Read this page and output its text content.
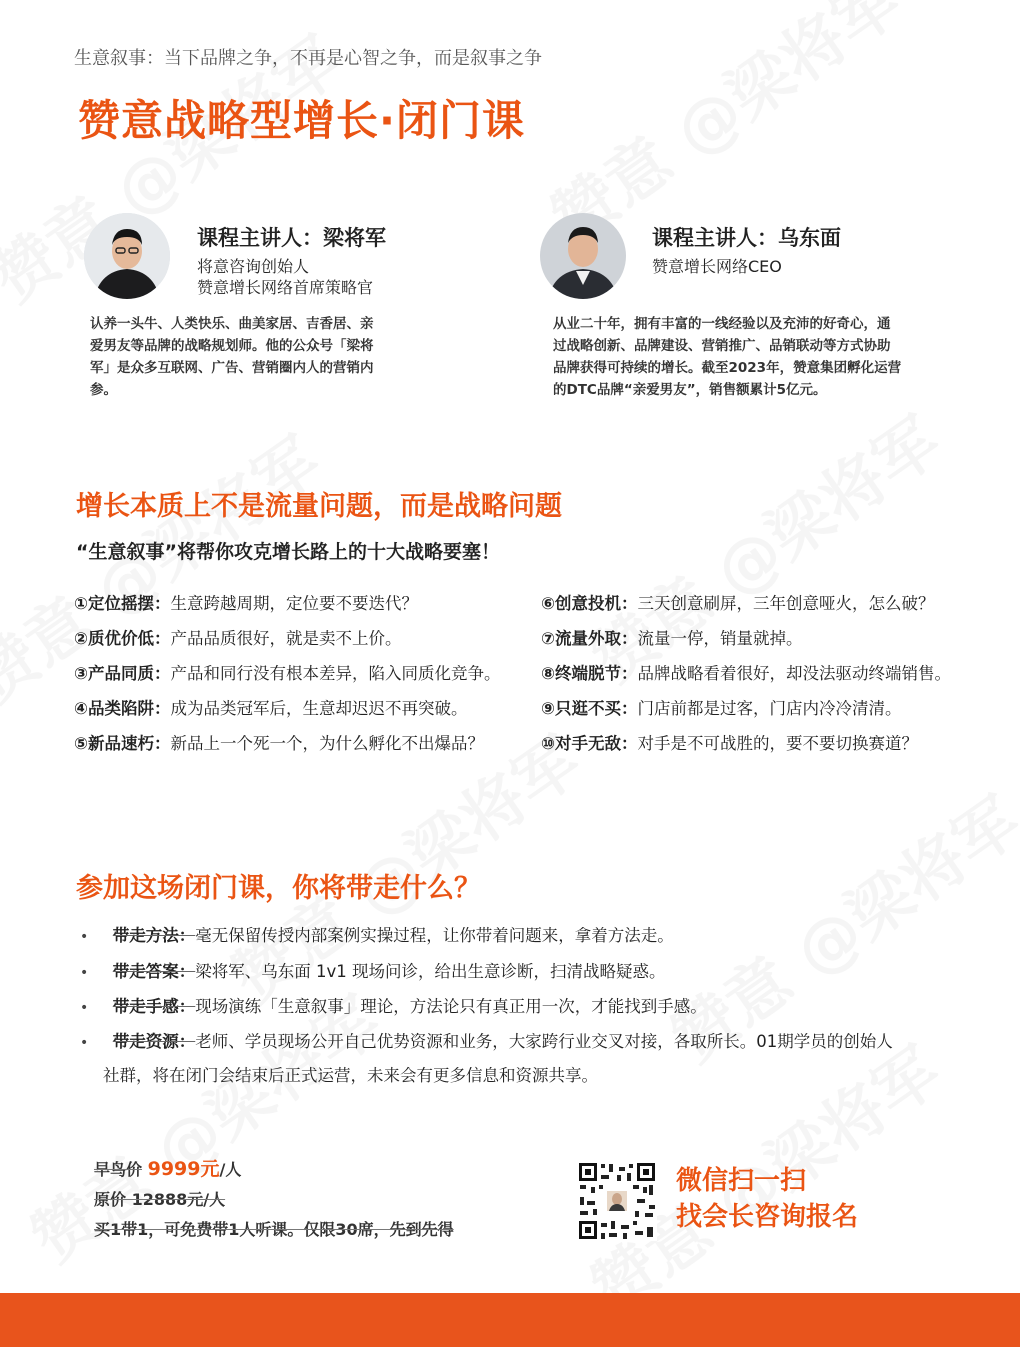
生意叙事：当下品牌之争，不再是心智之争，而是叙事之争
赞意战略型增长·闭门课
课程主讲人：梁将军
将意咨询创始人
赞意增长网络首席策略官
认养一头牛、人类快乐、曲美家居、吉香居、亲
爱男友等品牌的战略规划师。他的公众号「梁将
军」是众多互联网、广告、营销圈内人的营销内
参。
课程主讲人：乌东面
赞意增长网络CEO
从业二十年，拥有丰富的一线经验以及充沛的好奇心，通
过战略创新、品牌建设、营销推广、品销联动等方式协助
品牌获得可持续的增长。截至2023年，赞意集团孵化运营
的DTC品牌“亲爱男友”，销售额累计5亿元。
增长本质上不是流量问题，而是战略问题
“生意叙事”将帮你攻克增长路上的十大战略要塞！
①定位摇摆：生意跨越周期，定位要不要迭代？
②质优价低：产品品质很好，就是卖不上价。
③产品同质：产品和同行没有根本差异，陷入同质化竞争。
④品类陷阱：成为品类冠军后，生意却迟迟不再突破。
⑤新品速朽：新品上一个死一个，为什么孵化不出爆品？
⑥创意投机：三天创意刷屏，三年创意哑火，怎么破？
⑦流量外取：流量一停，销量就掉。
⑧终端脱节：品牌战略看着很好，却没法驱动终端销售。
⑨只逛不买：门店前都是过客，门店内冷冷清清。
⑩对手无敌：对手是不可战胜的，要不要切换赛道？
参加这场闭门课，你将带走什么？
• 带走方法：毫无保留传授内部案例实操过程，让你带着问题来，拿着方法走。
• 带走答案：梁将军、乌东面 1v1 现场问诊，给出生意诊断，扫清战略疑惑。
• 带走手感：现场演练「生意叙事」理论，方法论只有真正用一次，才能找到手感。
• 带走资源：老师、学员现场公开自己优势资源和业务，大家跨行业交叉对接，各取所长。01期学员的创始人
社群，将在闭门会结束后正式运营，未来会有更多信息和资源共享。
早鸟价 9999元/人
原价 12888元/人
买1带1，可免费带1人听课。仅限30席，先到先得
微信扫一扫
找会长咨询报名
